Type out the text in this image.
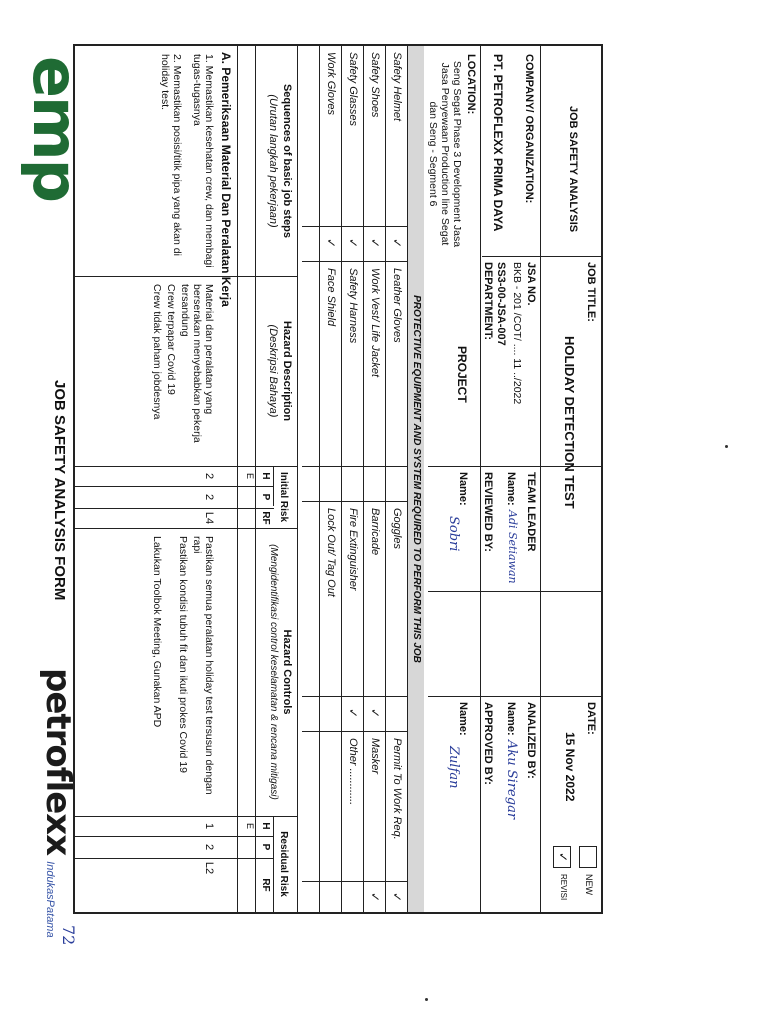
emp
JOB SAFETY ANALYSIS FORM
petroflexx
IndukasPatama
JOB SAFETY ANALYSIS
COMPANY/ ORGANIZATION:
PT. PETROFLEXX PRIMA DAYA
LOCATION:
Seng Segat Phase 3 Development Jasa Jasa Penyewaan Production line Segat dan Seng - Segment 6
JOB TITLE:
HOLIDAY DETECTION TEST
DATE:
15 Nov 2022
NEW
✓
REVISI
JSA NO.
BKB - 201 /COT/ .... 11 ../2022
SS3-00-JSA-007
DEPARTMENT:
PROJECT
TEAM LEADER
Name:
Adi Setiawan
REVIEWED BY:
Name:
Sobri
ANALIZED BY:
Name:
Aku Siregar
APPROVED BY:
Name:
Zulfan
PROTECTIVE EQUIPMENT AND SYSTEM REQUIRED TO PERFORM THIS JOB
Safety Helmet
✓
Safety Shoes
✓
Safety Glasses
✓
Work Gloves
✓
Leather Gloves
Work Vest/ Life Jacket
Safety Harness
Face Shield
Goggles
Barricade
✓
Fire Extinguisher
✓
Lock Out/ Tag Out
Permit To Work Req.
✓
Masker
✓
Other ............
Sequences of basic job steps
(Urutan langkah pekerjaan)
Hazard Description
(Deskripsi Bahaya)
Initial Risk
H
E
P
RF
Hazard Controls
(Mengidentifikasi control keselamatan & rencana mitigasi)
Residual Risk
H
E
P
RF
A. Pemeriksaan Material Dan Peralatan Kerja
1. Memastikan kesehatan crew, dan membagi tugas-tugasnya
2. Memastikan posisi/titik pipa yang akan di holiday test.
Material dan peralatan yang berserakan menyebabkan pekerja tersandung
Crew terpapar Covid 19
Crew tidak paham jobdesnya
2
2
L4
Pastikan semua peralatan holiday test tersusun dengan rapi
Pastikan kondisi tubuh fit dan ikuti prokes Covid 19
Lakukan Toolbok Meeting, Gunakan APD
1
2
L2
72
